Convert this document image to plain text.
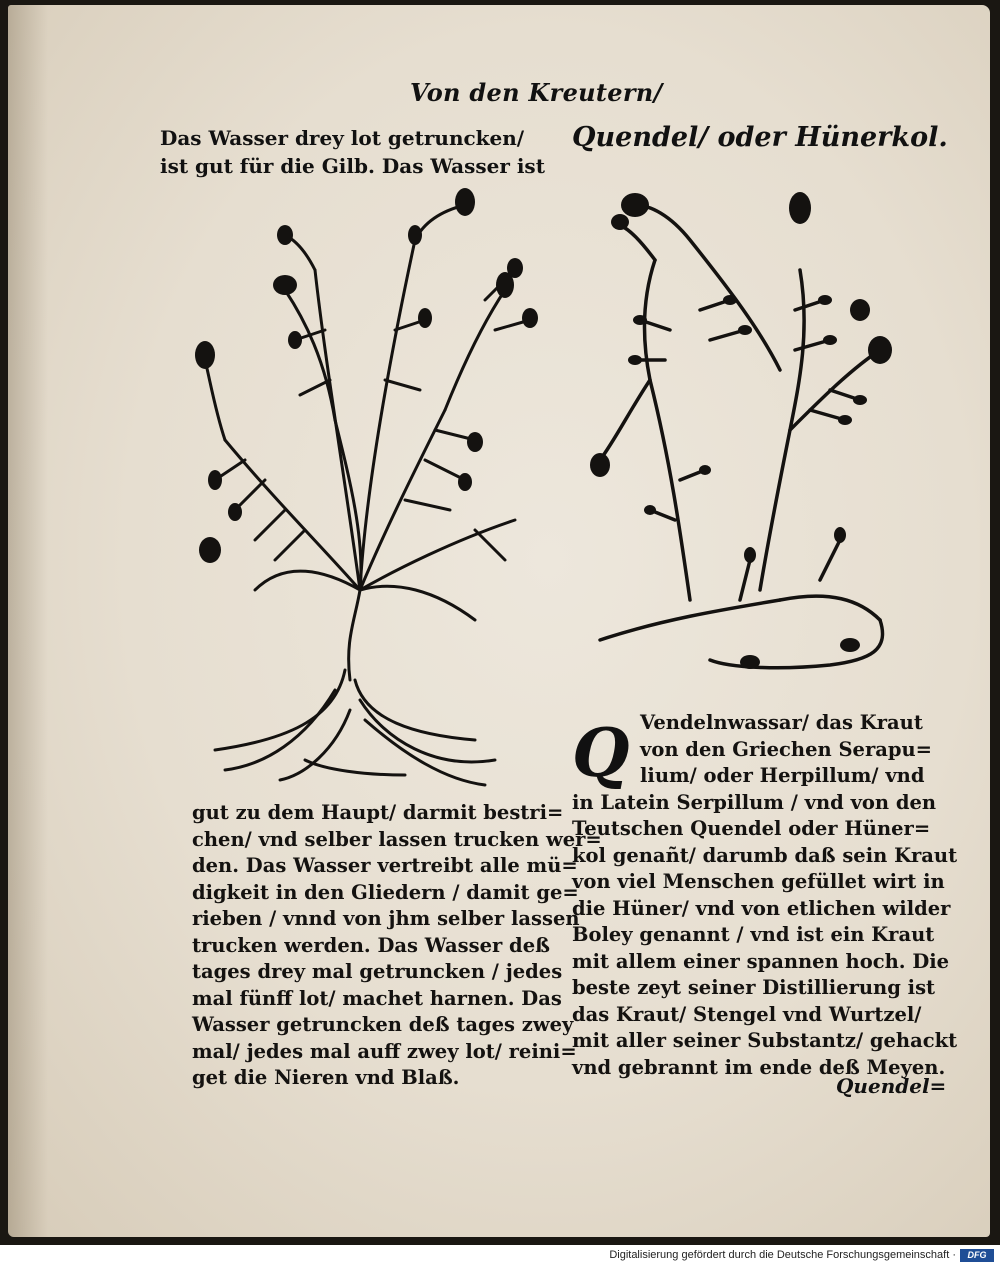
Von den Kreutern/
Das Wasser drey lot getruncken/
ist gut für die Gilb. Das Wasser ist
Quendel/ oder Hünerkol.
gut zu dem Haupt/ darmit bestri=
chen/ vnd selber lassen trucken wer=
den. Das Wasser vertreibt alle mü=
digkeit in den Gliedern / damit ge=
rieben / vnnd von jhm selber lassen
trucken werden. Das Wasser deß
tages drey mal getruncken / jedes
mal fünff lot/ machet harnen. Das
Wasser getruncken deß tages zwey
mal/ jedes mal auff zwey lot/ reini=
get die Nieren vnd Blaß.
Q Vendelnwassar/ das Kraut
von den Griechen Serapu=
lium/ oder Herpillum/ vnd
in Latein Serpillum / vnd von den
Teutschen Quendel oder Hüner=
kol genañt/ darumb daß sein Kraut
von viel Menschen gefüllet wirt in
die Hüner/ vnd von etlichen wilder
Boley genannt / vnd ist ein Kraut
mit allem einer spannen hoch. Die
beste zeyt seiner Distillierung ist
das Kraut/ Stengel vnd Wurtzel/
mit aller seiner Substantz/ gehackt
vnd gebrannt im ende deß Meyen.
Quendel=
Digitalisierung gefördert durch die Deutsche Forschungsgemeinschaft ·	DFG
